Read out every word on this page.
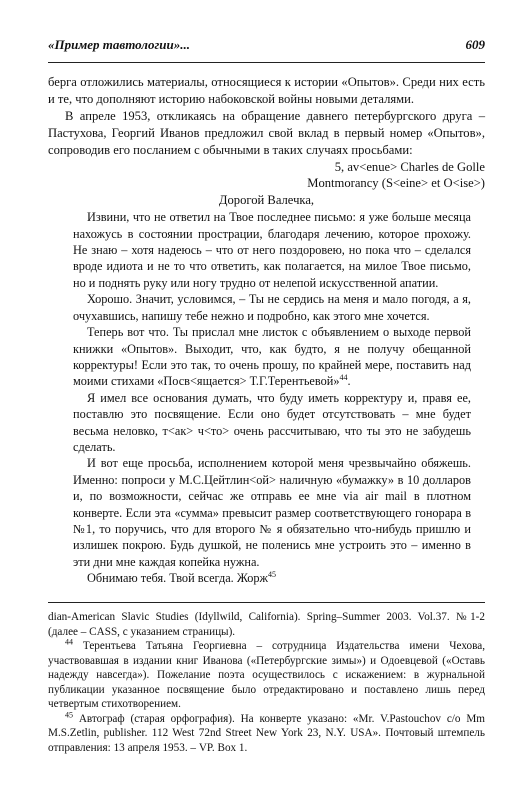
«Пример тавтологии»...	609

берга отложились материалы, относящиеся к истории «Опытов». Среди них есть и те, что дополняют историю набоковской войны новыми деталями.

В апреле 1953, откликаясь на обращение давнего петербургского друга – Пастухова, Георгий Иванов предложил свой вклад в первый номер «Опытов», сопроводив его посланием с обычными в таких случаях просьбами:

5, av<enue> Charles de Golle

Montmorancy (S<eine> et O<ise>)

Дорогой Валечка,

Извини, что не ответил на Твое последнее письмо: я уже больше месяца нахожусь в состоянии прострации, благодаря лечению, которое прохожу. Не знаю – хотя надеюсь – что от него поздоровею, но пока что – сделался вроде идиота и не то что ответить, как полагается, на милое Твое письмо, но и поднять руку или ногу трудно от нелепой искусственной апатии.

Хорошо. Значит, условимся, – Ты не сердись на меня и мало погодя, а я, очухавшись, напишу тебе нежно и подробно, как этого мне хочется.

Теперь вот что. Ты прислал мне листок с объявлением о выходе первой книжки «Опытов». Выходит, что, как будто, я не получу обещанной корректуры! Если это так, то очень прошу, по крайней мере, поставить над моими стихами «Посв<ящается> Т.Г.Терентьевой»$^{44}$.

Я имел все основания думать, что буду иметь корректуру и, правя ее, поставлю это посвящение. Если оно будет отсутствовать – мне будет весьма неловко, т<ак> ч<то> очень рассчитываю, что ты это не забудешь сделать.

И вот еще просьба, исполнением которой меня чрезвычайно обяжешь. Именно: попроси у М.С.Цейтлин<ой> наличную «бумажку» в 10 долларов и, по возможности, сейчас же отправь ее мне via air mail в плотном конверте. Если эта «сумма» превысит размер соответствующего гонорара в №1, то поручись, что для второго № я обязательно что-нибудь пришлю и излишек покрою. Будь душкой, не поленись мне устроить это – именно в эти дни мне каждая копейка нужна.

Обнимаю тебя. Твой всегда. Жорж$^{45}$

dian-American Slavic Studies (Idyllwild, California). Spring–Summer 2003. Vol.37. №1-2 (далее – CASS, с указанием страницы).

$^{44}$ Терентьева Татьяна Георгиевна – сотрудница Издательства имени Чехова, участвовавшая в издании книг Иванова («Петербургские зимы») и Одоевцевой («Оставь надежду навсегда»). Пожелание поэта осуществилось с искажением: в журнальной публикации указанное посвящение было отредактировано и поставлено лишь перед четвертым стихотворением.

$^{45}$ Автограф (старая орфография). На конверте указано: «Mr. V.Pastouchov c/o Mm M.S.Zetlin, publisher. 112 West 72nd Street New York 23, N.Y. USA». Почтовый штемпель отправления: 13 апреля 1953. – VP. Box 1.
